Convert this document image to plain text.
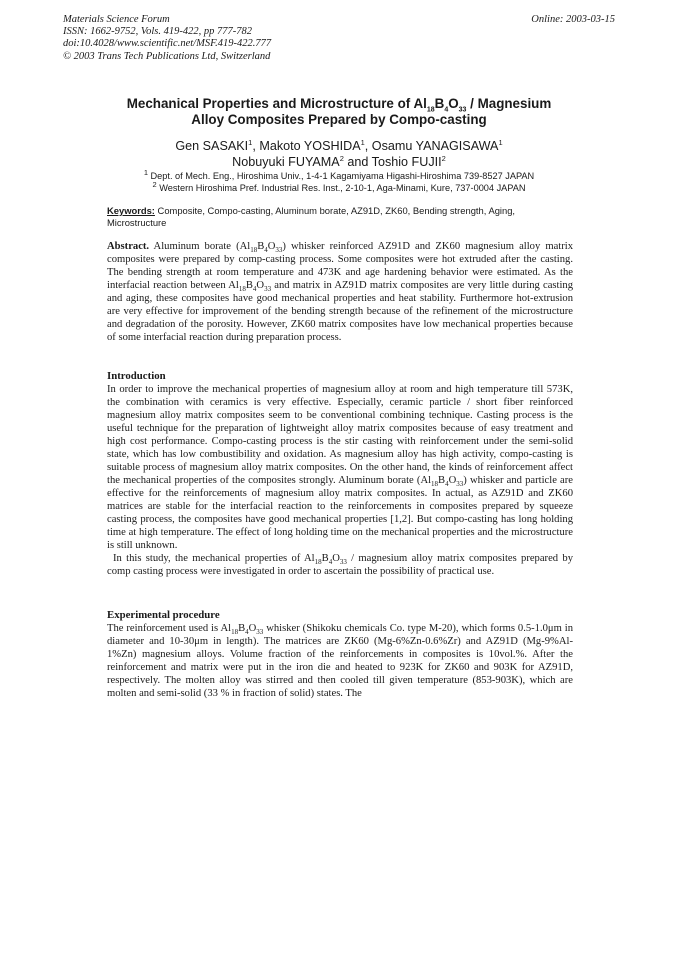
Materials Science Forum
ISSN: 1662-9752, Vols. 419-422, pp 777-782
doi:10.4028/www.scientific.net/MSF.419-422.777
© 2003 Trans Tech Publications Ltd, Switzerland
Online: 2003-03-15
Mechanical Properties and Microstructure of $Al_{18}B_4O_{33}$ / Magnesium
Alloy Composites Prepared by Compo-casting
Gen SASAKI$^1$, Makoto YOSHIDA$^1$, Osamu YANAGISAWA$^1$
Nobuyuki FUYAMA$^2$ and Toshio FUJII$^2$
$^1$ Dept. of Mech. Eng., Hiroshima Univ., 1-4-1 Kagamiyama Higashi-Hiroshima 739-8527 JAPAN
$^2$ Western Hiroshima Pref. Industrial Res. Inst., 2-10-1, Aga-Minami, Kure, 737-0004 JAPAN
Keywords: Composite, Compo-casting, Aluminum borate, AZ91D, ZK60, Bending strength, Aging, Microstructure

Abstract. Aluminum borate $(Al_{18}B_4O_{33})$ whisker reinforced AZ91D and ZK60 magnesium alloy matrix composites were prepared by comp-casting process. Some composites were hot extruded after the casting. The bending strength at room temperature and 473K and age hardening behavior were estimated. As the interfacial reaction between $Al_{18}B_4O_{33}$ and matrix in AZ91D matrix composites are very little during casting and aging, these composites have good mechanical properties and heat stability. Furthermore hot-extrusion are very effective for improvement of the bending strength because of the refinement of the microstructure and degradation of the porosity. However, ZK60 matrix composites have low mechanical properties because of some interfacial reaction during preparation process.

Introduction

In order to improve the mechanical properties of magnesium alloy at room and high temperature till 573K, the combination with ceramics is very effective. Especially, ceramic particle / short fiber reinforced magnesium alloy matrix composites seem to be conventional combining technique. Casting process is the useful technique for the preparation of lightweight alloy matrix composites because of easy treatment and high cost performance. Compo-casting process is the stir casting with reinforcement under the semi-solid state, which has low combustibility and oxidation. As magnesium alloy has high activity, compo-casting is suitable process of magnesium alloy matrix composites. On the other hand, the kinds of reinforcement affect the mechanical properties of the composites strongly. Aluminum borate $(Al_{18}B_4O_{33})$ whisker and particle are effective for the reinforcements of magnesium alloy matrix composites. In actual, as AZ91D and ZK60 matrices are stable for the interfacial reaction to the reinforcements in composites prepared by squeeze casting process, the composites have good mechanical properties [1,2]. But compo-casting has long holding time at high temperature. The effect of long holding time on the mechanical properties and the microstructure is still unknown.

In this study, the mechanical properties of $Al_{18}B_4O_{33}$ / magnesium alloy matrix composites prepared by comp casting process were investigated in order to ascertain the possibility of practical use.

Experimental procedure

The reinforcement used is $Al_{18}B_4O_{33}$ whisker (Shikoku chemicals Co. type M-20), which forms 0.5-1.0μm in diameter and 10-30μm in length). The matrices are ZK60 (Mg-6%Zn-0.6%Zr) and AZ91D (Mg-9%Al-1%Zn) magnesium alloys. Volume fraction of the reinforcements in composites is 10vol.%. After the reinforcement and matrix were put in the iron die and heated to 923K for ZK60 and 903K for AZ91D, respectively. The molten alloy was stirred and then cooled till given temperature (853-903K), which are molten and semi-solid (33 % in fraction of solid) states. The
